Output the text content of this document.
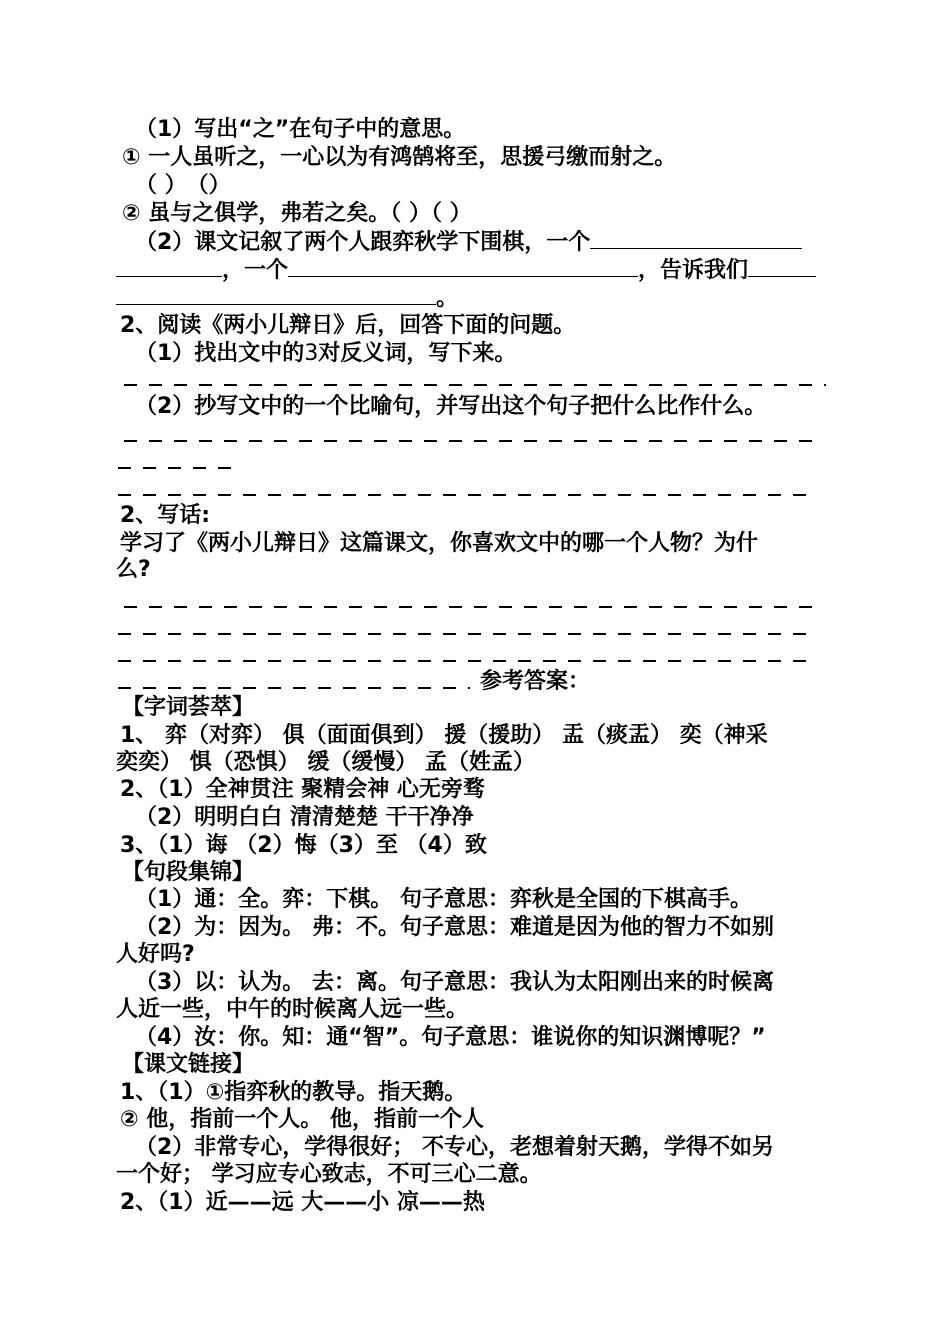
（1）写出“之”在句子中的意思。
① 一人虽听之，一心以为有鸿鹄将至，思援弓缴而射之。
（ ）　（）
② 虽与之俱学，弗若之矣。（ ）（ ）
（2）课文记叙了两个人跟弈秋学下围棋，一个
，一个	，告诉我们
。
2、阅读《两小儿辩日》后，回答下面的问题。
（1）找出文中的3对反义词，写下来。
（2）抄写文中的一个比喻句，并写出这个句子把什么比作什么。
2、写话:
学习了《两小儿辩日》这篇课文，你喜欢文中的哪一个人物？为什
么?
参考答案：
【字词荟萃】
1、 弈（对弈） 俱（面面俱到） 援（援助） 盂（痰盂） 奕（神采
奕奕） 惧（恐惧） 缓（缓慢） 孟（姓孟）
2、（1）全神贯注 聚精会神 心无旁骛
（2）明明白白 清清楚楚 干干净净
3、（1）诲 （2）悔（3）至 （4）致
【句段集锦】
（1）通：全。弈：下棋。 句子意思：弈秋是全国的下棋高手。
（2）为：因为。 弗：不。句子意思：难道是因为他的智力不如别
人好吗?
（3）以：认为。 去：离。句子意思：我认为太阳刚出来的时候离
人近一些，中午的时候离人远一些。
（4）汝：你。知：通“智”。句子意思：谁说你的知识渊博呢？”
【课文链接】
1、（1）①指弈秋的教导。指天鹅。
② 他，指前一个人。 他，指前一个人
（2）非常专心，学得很好； 不专心，老想着射天鹅，学得不如另
一个好； 学习应专心致志，不可三心二意。
2、（1）近——远 大——小 凉——热
